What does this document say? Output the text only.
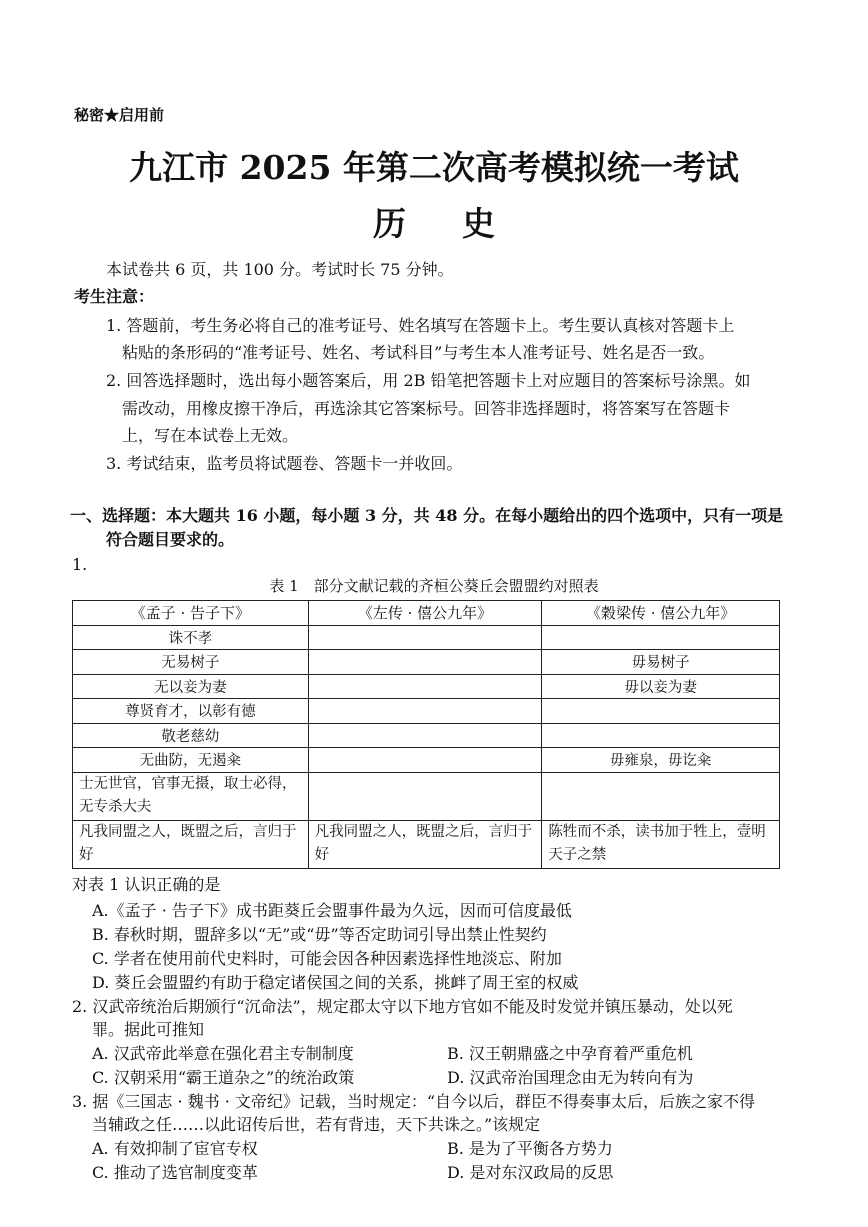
秘密★启用前
九江市 2025 年第二次高考模拟统一考试
历史
本试卷共 6 页，共 100 分。考试时长 75 分钟。
考生注意：
1. 答题前，考生务必将自己的准考证号、姓名填写在答题卡上。考生要认真核对答题卡上
粘贴的条形码的“准考证号、姓名、考试科目”与考生本人准考证号、姓名是否一致。
2. 回答选择题时，选出每小题答案后，用 2B 铅笔把答题卡上对应题目的答案标号涂黑。如
需改动，用橡皮擦干净后，再选涂其它答案标号。回答非选择题时，将答案写在答题卡
上，写在本试卷上无效。
3. 考试结束，监考员将试题卷、答题卡一并收回。
一、选择题：本大题共 16 小题，每小题 3 分，共 48 分。在每小题给出的四个选项中，只有一项是
符合题目要求的。
1.
表 1　部分文献记载的齐桓公葵丘会盟盟约对照表
《孟子 · 告子下》	《左传 · 僖公九年》	《穀梁传 · 僖公九年》
诛不孝		
无易树子		毋易树子
无以妾为妻		毋以妾为妻
尊贤育才，以彰有德		
敬老慈幼		
无曲防，无遏籴		毋雍泉，毋讫籴
士无世官，官事无摄，取士必得，无专杀大夫		
凡我同盟之人，既盟之后，言归于好	凡我同盟之人，既盟之后，言归于好	陈牲而不杀，读书加于牲上，壹明天子之禁
对表 1 认识正确的是
A.《孟子 · 告子下》成书距葵丘会盟事件最为久远，因而可信度最低
B. 春秋时期，盟辞多以“无”或“毋”等否定助词引导出禁止性契约
C. 学者在使用前代史料时，可能会因各种因素选择性地淡忘、附加
D. 葵丘会盟盟约有助于稳定诸侯国之间的关系，挑衅了周王室的权威
2. 汉武帝统治后期颁行“沉命法”，规定郡太守以下地方官如不能及时发觉并镇压暴动，处以死
罪。据此可推知
A. 汉武帝此举意在强化君主专制制度	B. 汉王朝鼎盛之中孕育着严重危机
C. 汉朝采用“霸王道杂之”的统治政策	D. 汉武帝治国理念由无为转向有为
3. 据《三国志 · 魏书 · 文帝纪》记载，当时规定：“自今以后，群臣不得奏事太后，后族之家不得
当辅政之任……以此诏传后世，若有背违，天下共诛之。”该规定
A. 有效抑制了宦官专权	B. 是为了平衡各方势力
C. 推动了选官制度变革	D. 是对东汉政局的反思
